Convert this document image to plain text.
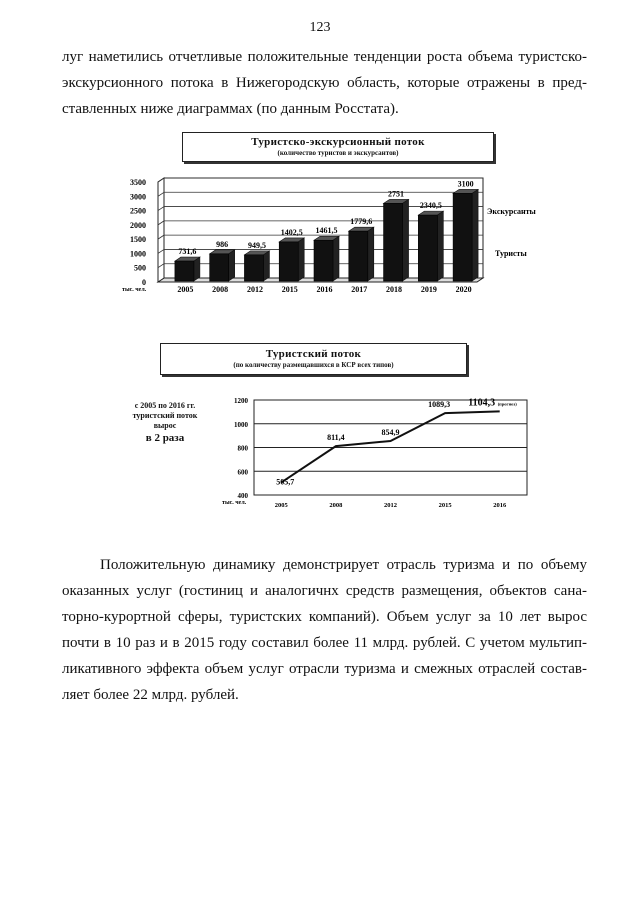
123
луг наметились отчетливые положительные тенденции роста объема туристско-
экскурсионного потока в Нижегородскую область, которые отражены в пред-
ставленных ниже диаграммах (по данным Росстата).
Туристско-экскурсионный поток
(количество туристов и экскурсантов)
0
500
1000
1500
2000
2500
3000
3500
731,6
2005
986
2008
949,5
2012
1402,5
2015
1461,5
2016
1779,6
2017
2751
2018
2340,5
2019
3100
2020
тыс. чел.
Экскурсанты
Туристы
Туристский поток
(по количеству размещавшихся в КСР всех типов)
с 2005 по 2016 гг.
туристский поток
вырос
в 2 раза
400
600
800
1000
1200
2005
505,7
2008
811,4
2012
854,9
2015
1089,3
2016
1104,3 (прогноз)
тыс. чел.
Положительную динамику демонстрирует отрасль туризма и по объему
оказанных услуг (гостиниц и аналогичнх средств размещения, объектов сана-
торно-курортной сферы, туристских компаний). Объем услуг за 10 лет вырос
почти в 10 раз и в 2015 году составил более 11 млрд. рублей. С учетом мультип-
ликативного эффекта объем услуг отрасли туризма и смежных отраслей состав-
ляет более 22 млрд. рублей.
